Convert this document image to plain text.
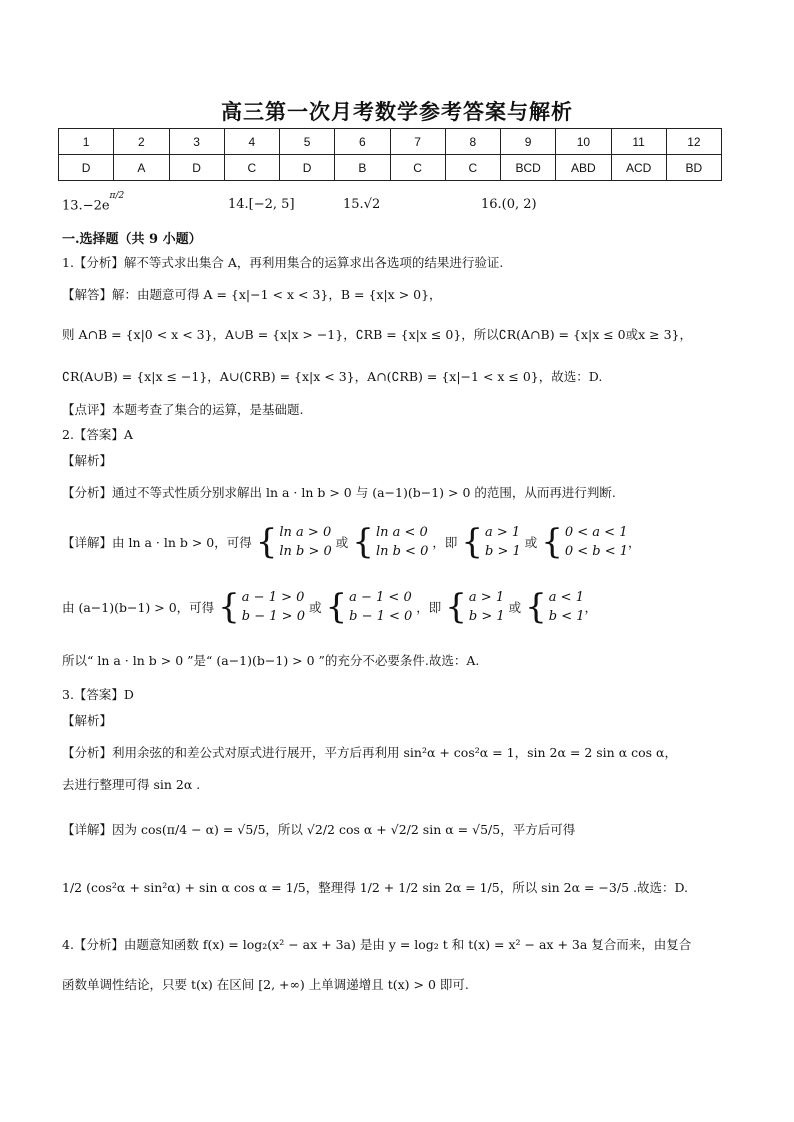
高三第一次月考数学参考答案与解析
1	2	3	4	5	6	7	8	9	10	11	12
D	A	D	C	D	B	C	C	BCD	ABD	ACD	BD
$13.-2e^{\pi/2}$
14.[−2, 5]	15.√2	16.(0, 2)
一.选择题（共 9 小题）
1.【分析】解不等式求出集合 A，再利用集合的运算求出各选项的结果进行验证.
【解答】解：由题意可得 A = {x|−1 < x < 3}，B = {x|x > 0}，
则 A∩B = {x|0 < x < 3}，A∪B = {x|x > −1}，∁RB = {x|x ≤ 0}，所以∁R(A∩B) = {x|x ≤ 0或x ≥ 3}，
∁R(A∪B) = {x|x ≤ −1}，A∪(∁RB) = {x|x < 3}，A∩(∁RB) = {x|−1 < x ≤ 0}，故选：D.
【点评】本题考查了集合的运算，是基础题.
2.【答案】A
【解析】
【分析】通过不等式性质分别求解出 ln a · ln b > 0 与 (a−1)(b−1) > 0 的范围，从而再进行判断.
【详解】由 ln a · ln b > 0，可得 { ln a > 0
ln b > 0 或 { ln a < 0
ln b < 0 ，即 { a > 1
b > 1 或 { 0 < a < 1
0 < b < 1，
由 (a−1)(b−1) > 0，可得 { a − 1 > 0
b − 1 > 0 或 { a − 1 < 0
b − 1 < 0 ，即 { a > 1
b > 1 或 { a < 1
b < 1，
所以“ ln a · ln b > 0 ”是“ (a−1)(b−1) > 0 ”的充分不必要条件.故选：A.
3.【答案】D
【解析】
【分析】利用余弦的和差公式对原式进行展开，平方后再利用 sin²α + cos²α = 1，sin 2α = 2 sin α cos α，
去进行整理可得 sin 2α .
【详解】因为 cos(π/4 − α) = √5/5，所以 √2/2 cos α + √2/2 sin α = √5/5，平方后可得
1/2 (cos²α + sin²α) + sin α cos α = 1/5，整理得 1/2 + 1/2 sin 2α = 1/5，所以 sin 2α = −3/5 .故选：D.
4.【分析】由题意知函数 f(x) = log₂(x² − ax + 3a) 是由 y = log₂ t 和 t(x) = x² − ax + 3a 复合而来，由复合
函数单调性结论，只要 t(x) 在区间 [2, +∞) 上单调递增且 t(x) > 0 即可.
